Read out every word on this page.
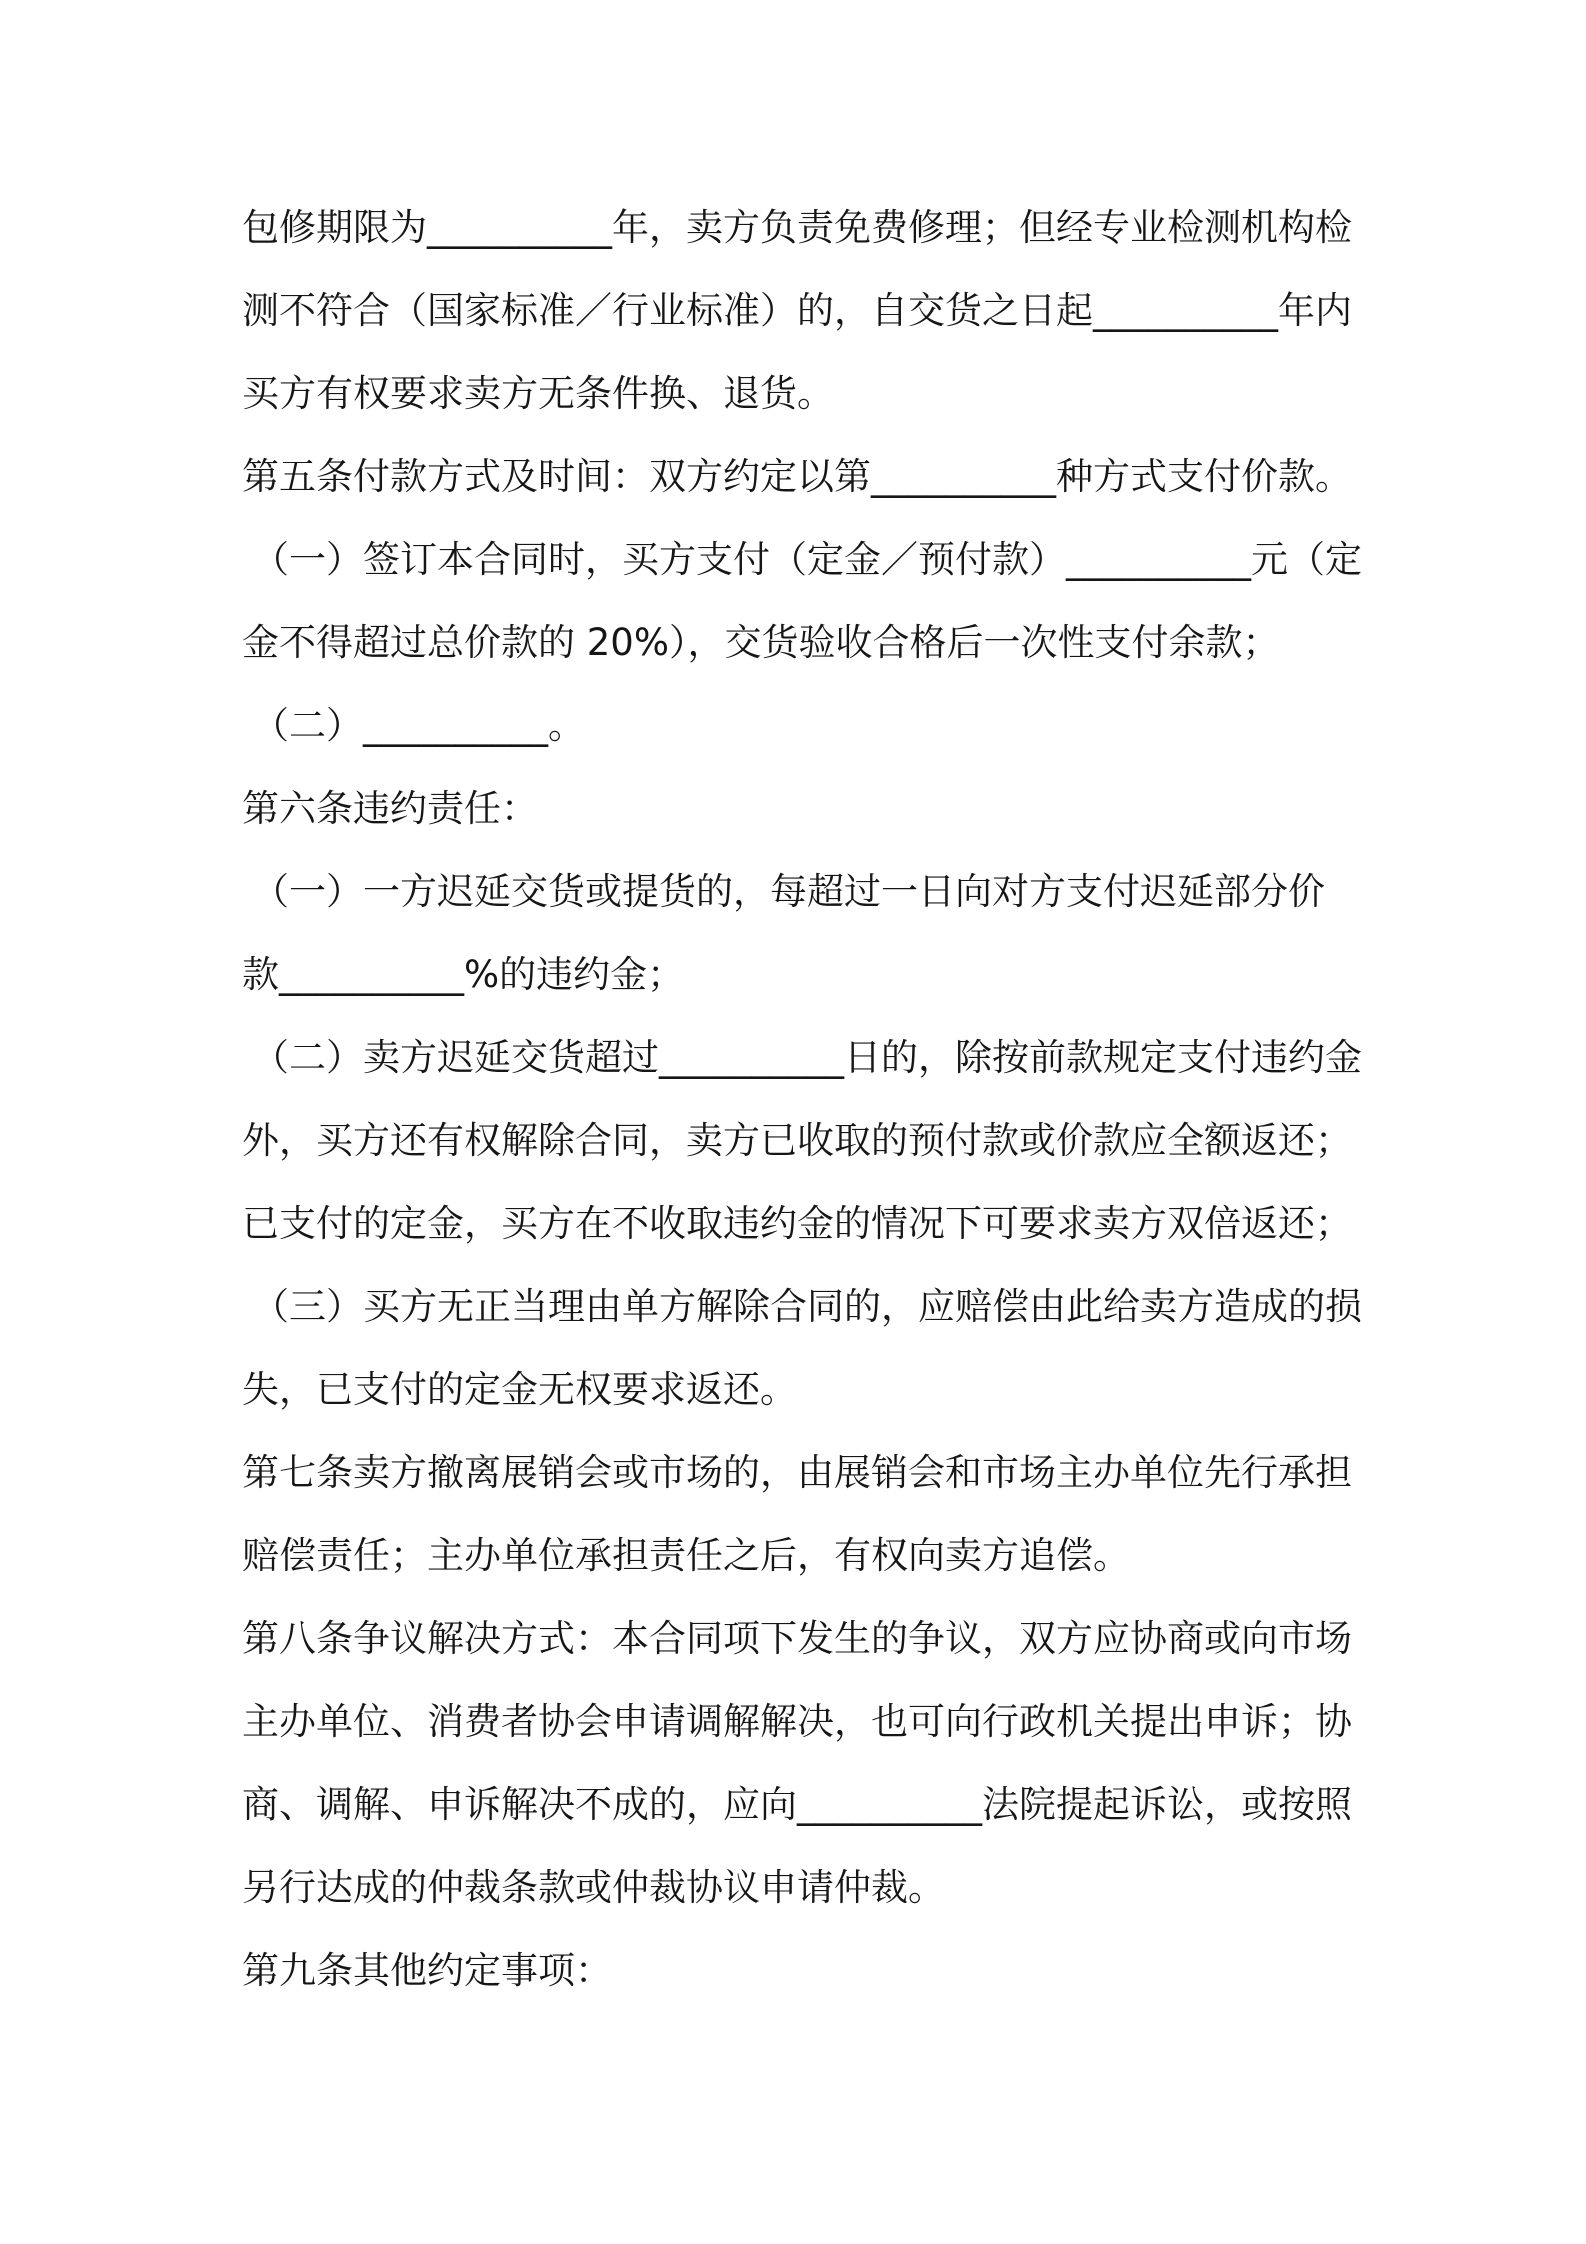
包修期限为__________年，卖方负责免费修理；但经专业检测机构检
测不符合（国家标准／行业标准）的，自交货之日起__________年内
买方有权要求卖方无条件换、退货。
第五条付款方式及时间：双方约定以第__________种方式支付价款。
（一）签订本合同时，买方支付（定金／预付款）__________元（定
金不得超过总价款的 20%），交货验收合格后一次性支付余款；
（二）__________。
第六条违约责任：
（一）一方迟延交货或提货的，每超过一日向对方支付迟延部分价
款__________%的违约金；
（二）卖方迟延交货超过__________日的，除按前款规定支付违约金
外，买方还有权解除合同，卖方已收取的预付款或价款应全额返还；
已支付的定金，买方在不收取违约金的情况下可要求卖方双倍返还；
（三）买方无正当理由单方解除合同的，应赔偿由此给卖方造成的损
失，已支付的定金无权要求返还。
第七条卖方撤离展销会或市场的，由展销会和市场主办单位先行承担
赔偿责任；主办单位承担责任之后，有权向卖方追偿。
第八条争议解决方式：本合同项下发生的争议，双方应协商或向市场
主办单位、消费者协会申请调解解决，也可向行政机关提出申诉；协
商、调解、申诉解决不成的，应向__________法院提起诉讼，或按照
另行达成的仲裁条款或仲裁协议申请仲裁。
第九条其他约定事项：
